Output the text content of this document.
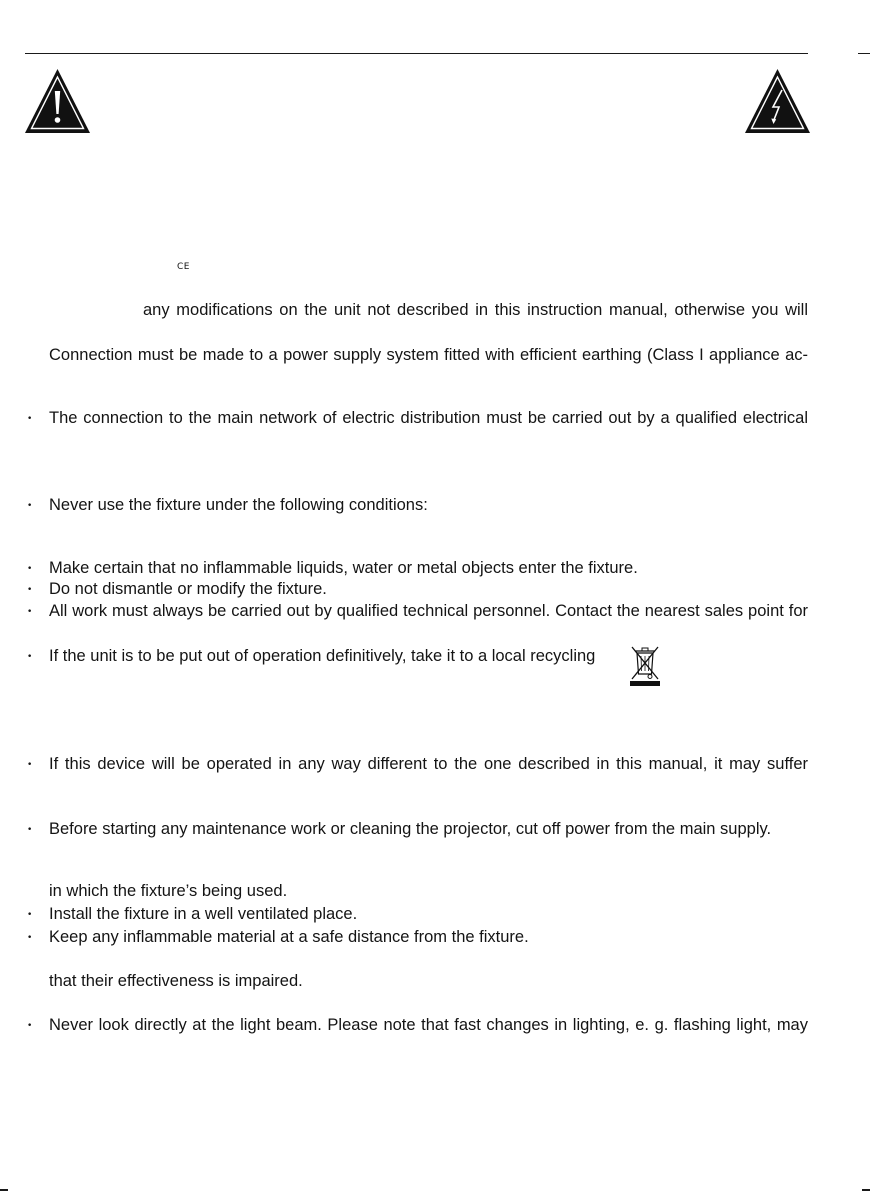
CE
any modifications on the unit not described in this instruction manual, otherwise you will
Connection must be made to a power supply system fitted with efficient earthing (Class I appliance ac-
• The connection to the main network of electric distribution must be carried out by a qualified electrical
• Never use the fixture under the following conditions:
• Make certain that no inflammable liquids, water or metal objects enter the fixture.
• Do not dismantle or modify the fixture.
• All work must always be carried out by qualified technical personnel. Contact the nearest sales point for
• If the unit is to be put out of operation definitively, take it to a local recycling
• If this device will be operated in any way different to the one described in this manual, it may suffer
• Before starting any maintenance work or cleaning the projector, cut off power from the main supply.
in which the fixture’s being used.
• Install the fixture in a well ventilated place.
• Keep any inflammable material at a safe distance from the fixture.
that their effectiveness is impaired.
• Never look directly at the light beam. Please note that fast changes in lighting, e. g. flashing light, may
